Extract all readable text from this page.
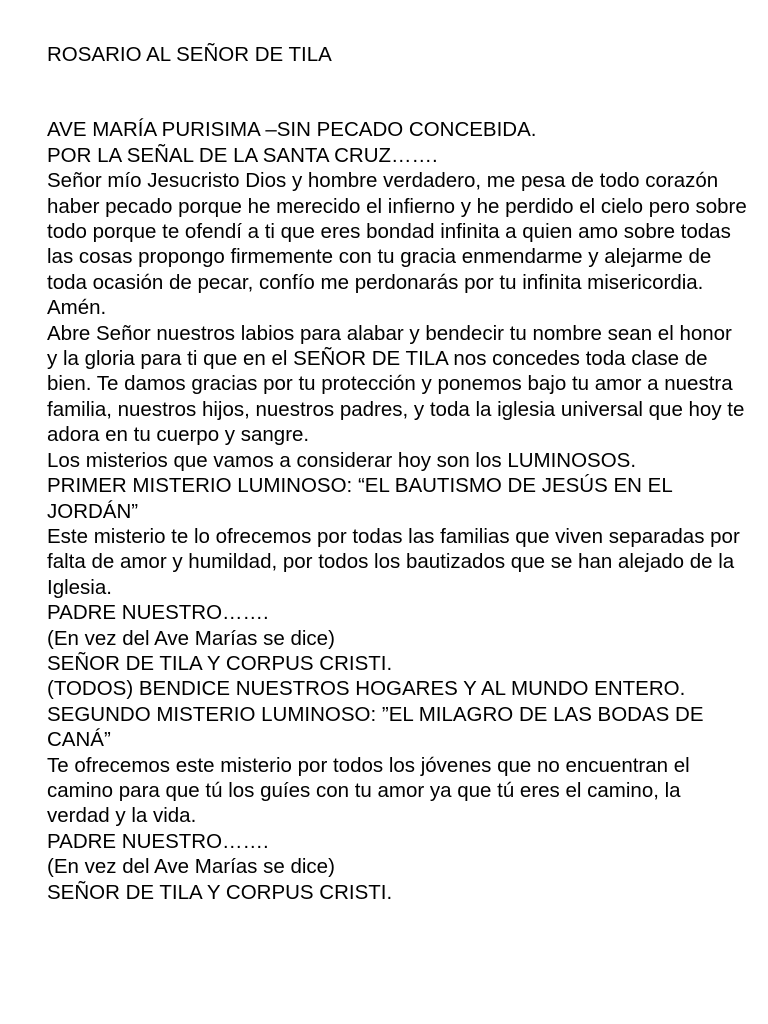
ROSARIO AL SEÑOR DE TILA

AVE MARÍA PURISIMA –SIN PECADO CONCEBIDA.

POR LA SEÑAL DE LA SANTA CRUZ…….

Señor mío Jesucristo Dios y hombre verdadero, me pesa de todo corazón haber pecado porque he merecido el infierno y he perdido el cielo pero sobre todo porque te ofendí a ti que eres bondad infinita a quien amo sobre todas las cosas propongo firmemente con tu gracia enmendarme y alejarme de toda ocasión de pecar, confío me perdonarás por tu infinita misericordia. Amén.

Abre Señor nuestros labios para alabar y bendecir tu nombre sean el honor y la gloria para ti que en el SEÑOR DE TILA nos concedes toda clase de bien. Te damos gracias por tu protección y ponemos bajo tu amor a nuestra familia, nuestros hijos, nuestros padres, y toda la iglesia universal que hoy te adora en tu cuerpo y sangre.

Los misterios que vamos a considerar hoy son los LUMINOSOS.

PRIMER MISTERIO LUMINOSO: “EL BAUTISMO DE JESÚS EN EL JORDÁN”

Este misterio te lo ofrecemos por todas las familias que viven separadas por falta de amor y humildad, por todos los bautizados que se han alejado de la Iglesia.

PADRE NUESTRO…….

(En vez del Ave Marías se dice)

SEÑOR DE TILA Y CORPUS CRISTI.

(TODOS) BENDICE NUESTROS HOGARES Y AL MUNDO ENTERO.

SEGUNDO MISTERIO LUMINOSO: ”EL MILAGRO DE LAS BODAS DE CANÁ”

Te ofrecemos este misterio por todos los jóvenes que no encuentran el camino para que tú los guíes con tu amor ya que tú eres el camino, la verdad y la vida.

PADRE NUESTRO…….

(En vez del Ave Marías se dice)

SEÑOR DE TILA Y CORPUS CRISTI.
